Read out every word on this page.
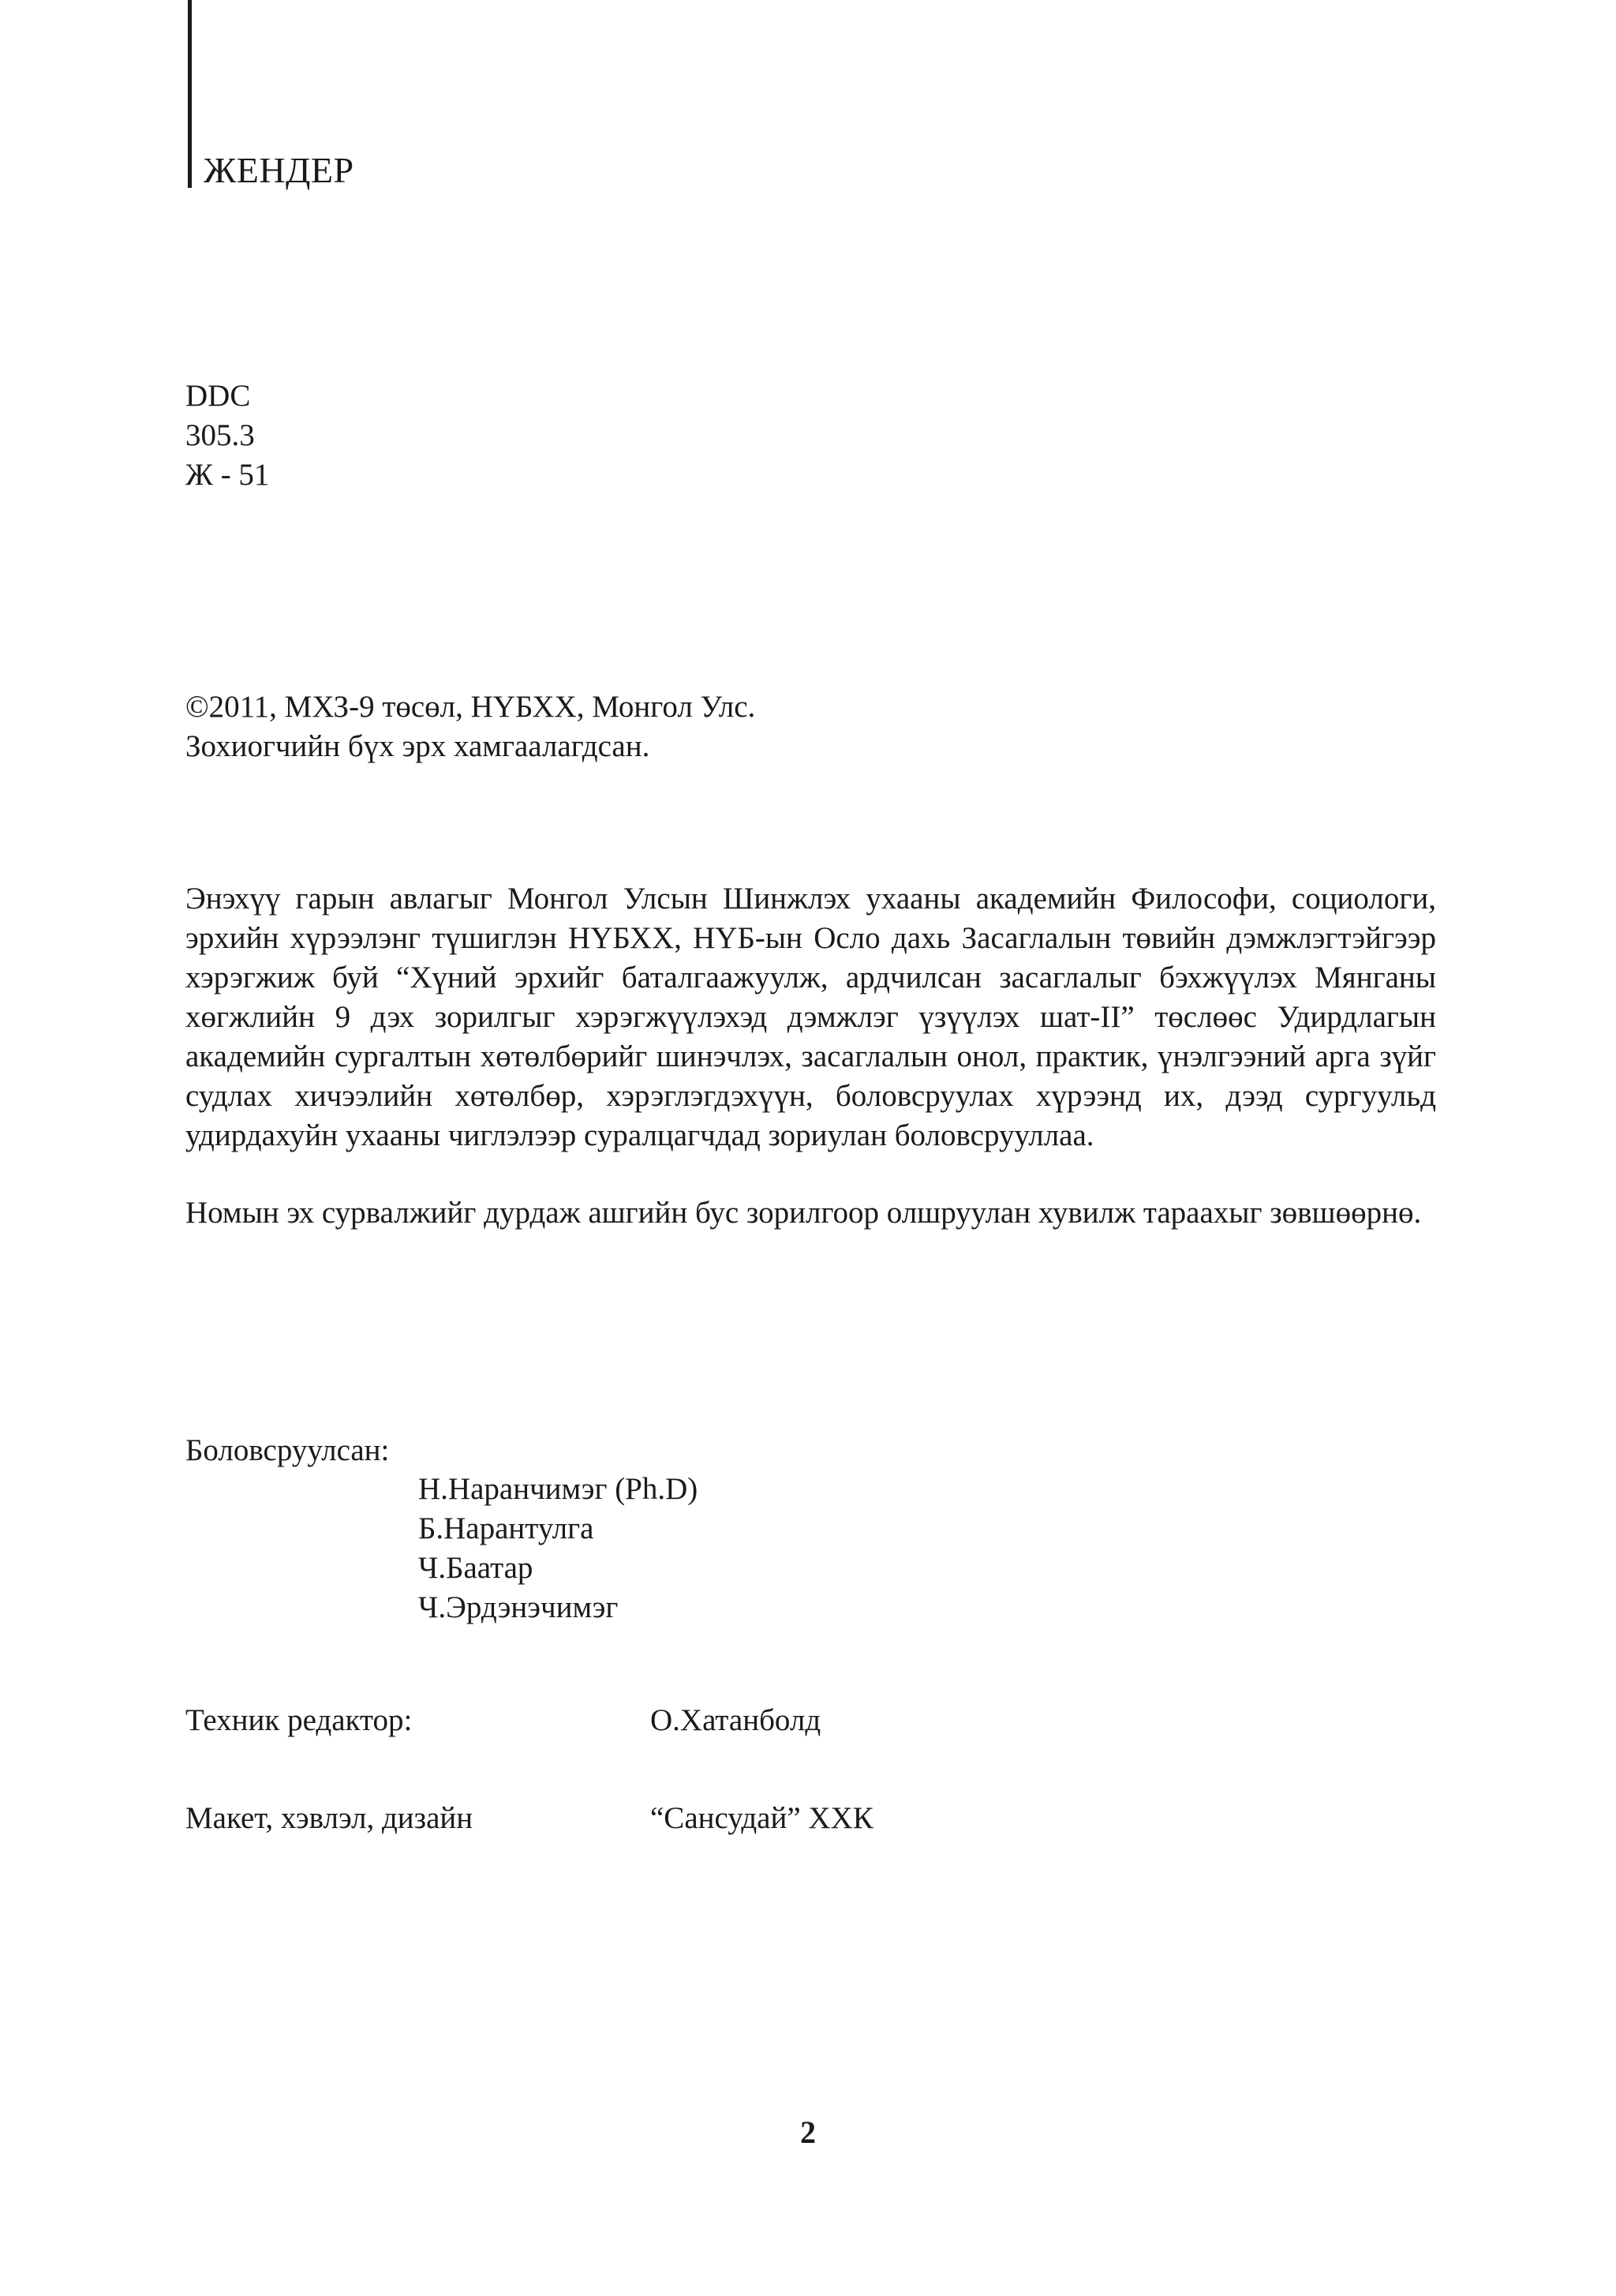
ЖЕНДЕР
DDC
305.3
Ж - 51
©2011, МХЗ-9 төсөл, НҮБХХ, Монгол Улс.
Зохиогчийн бүх эрх хамгаалагдсан.
Энэхүү гарын авлагыг Монгол Улсын Шинжлэх ухааны академийн Философи, социологи, эрхийн хүрээлэнг түшиглэн НҮБХХ, НҮБ-ын Осло дахь Засаглалын төвийн дэмжлэгтэйгээр хэрэгжиж буй “Хүний эрхийг баталгаажуулж, ардчилсан засаглалыг бэхжүүлэх Мянганы хөгжлийн 9 дэх зорилгыг хэрэгжүүлэхэд дэмжлэг үзүүлэх шат-II” төслөөс Удирдлагын академийн сургалтын хөтөлбөрийг шинэчлэх, засаглалын онол, практик, үнэлгээний арга зүйг судлах хичээлийн хөтөлбөр, хэрэглэгдэхүүн, боловсруулах хүрээнд их, дээд сургуульд удирдахуйн ухааны чиглэлээр суралцагчдад зориулан боловсрууллаа.
Номын эх сурвалжийг дурдаж ашгийн бус зорилгоор олшруулан хувилж тараахыг зөвшөөрнө.
Боловсруулсан:
Н.Наранчимэг (Ph.D)
Б.Нарантулга
Ч.Баатар
Ч.Эрдэнэчимэг
Техник редактор:	О.Хатанболд
Макет, хэвлэл, дизайн	“Сансудай” ХХК
2
